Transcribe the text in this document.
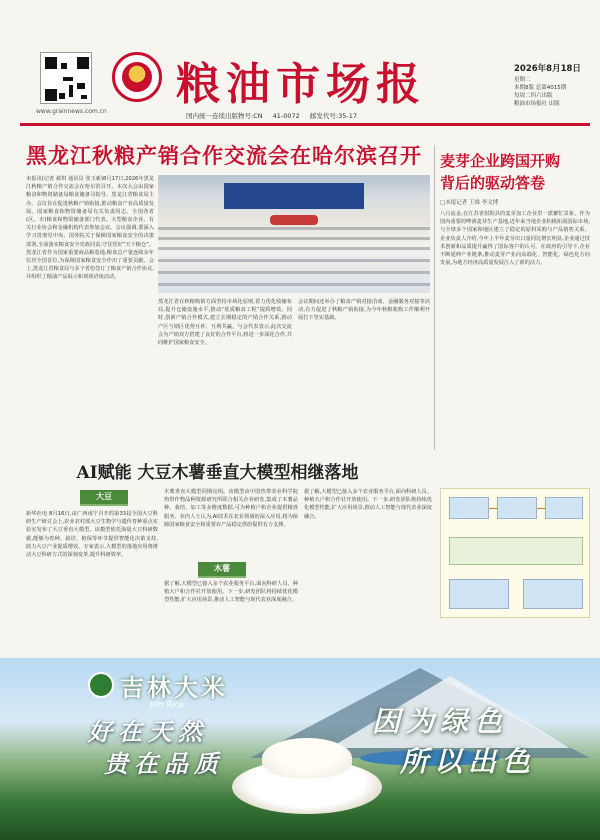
www.grainnews.com.cn
粮油市场报
国内统一连续出版物号:CN 41-0072 邮发代号:35-17
2026年8月18日
星期二
本期8版 总第4015期
每周二四六出版
粮油市场报社 出版
黑龙江秋粮产销合作交流会在哈尔滨召开
本报讯(记者 郝琪 通讯员 张玉新)8月17日,2026年黑龙江秋粮产销合作交流会在哈尔滨召开。本次大会由国家粮食和物资储备局粮食储备司指导、黑龙江省粮食局主办。会议旨在促进秋粮产销衔接,推动粮食产业高质量发展。国家粮食和物资储备局有关负责同志、全国各省(区、市)粮食和物资储备部门代表、大型粮食企业、有关行业协会和金融机构代表参加会议。会议强调,要深入学习贯彻党中央、国务院关于保障国家粮食安全的决策部署,全面落实粮食安全党政同责,守住管好“天下粮仓”。黑龙江省作为国家重要商品粮基地,粮食总产量连续多年位居全国首位,为保障国家粮食安全作出了重要贡献。会上,黑龙江省粮食局与多个省份签订了粮食产销合作协议,并组织了粮油产品展示和现场洽谈活动。
黑龙江省在秋粮购销方面坚持市场化原则,着力优化收储布局,提升仓储设施水平,推动“优质粮食工程”提质增效。同时,创新产销合作模式,建立长期稳定的产销合作关系,推动产区与销区优势互补、互利共赢。与会代表表示,此次交流会为产销双方搭建了良好的合作平台,将进一步深化合作,共同维护国家粮食安全。
会议期间还举办了粮食产销对接洽谈、金融服务对接等活动,有力促进了秋粮产销衔接,为今年秋粮收购工作顺利开展打下坚实基础。
麦芽企业跨国开购
背后的驱动答卷
□本报记者 王维 李文博
八月流金,在江苏省射阳县的麦芽加工企业里一派繁忙景象。作为国内重要的啤酒麦芽生产基地,近年来当地企业积极拓展国际市场,与全球多个国家和地区建立了稳定的原料采购与产品销售关系。企业负责人介绍,今年上半年麦芽出口量同比增长明显,企业通过技术创新和品质提升赢得了国际客户的认可。在政府的引导下,企业不断延伸产业链条,推动麦芽产业向高端化、智能化、绿色化方向发展,为地方经济高质量发展注入了新的活力。
AI赋能 大豆木薯垂直大模型相继落地
大豆
新华社电 8月16日,由广西南宁召开的第33届全国大豆科研生产研讨会上,农业农村部大豆生物学与遗传育种重点实验室发布了大豆垂直大模型。该模型依托海量大豆科研数据,能够为育种、栽培、植保等环节提供智能化决策支持,助力大豆产业提质增效。专家表示,大模型的落地应用将推动大豆科研方式的深刻变革,提升科研效率。
木薯垂直大模型同期亮相。该模型由中国热带农业科学院热带作物品种资源研究所联合相关企业研发,集成了木薯品种、栽培、加工等多维度数据,可为种植户和企业提供精准服务。业内人士认为,AI技术在农业领域的深入应用,将为保障国家粮食安全和重要农产品稳定供给提供有力支撑。
木薯
据了解,大模型已接入多个农业服务平台,面向科研人员、种植大户和合作社开放使用。下一步,研发团队将持续优化模型性能,扩大应用场景,推动人工智能与现代农业深度融合。
据了解,大模型已接入多个农业服务平台,面向科研人员、种植大户和合作社开放使用。下一步,研发团队将持续优化模型性能,扩大应用场景,推动人工智能与现代农业深度融合。
吉林大米
Jilin Rice
好在天然
贵在品质
因为绿色
所以出色
